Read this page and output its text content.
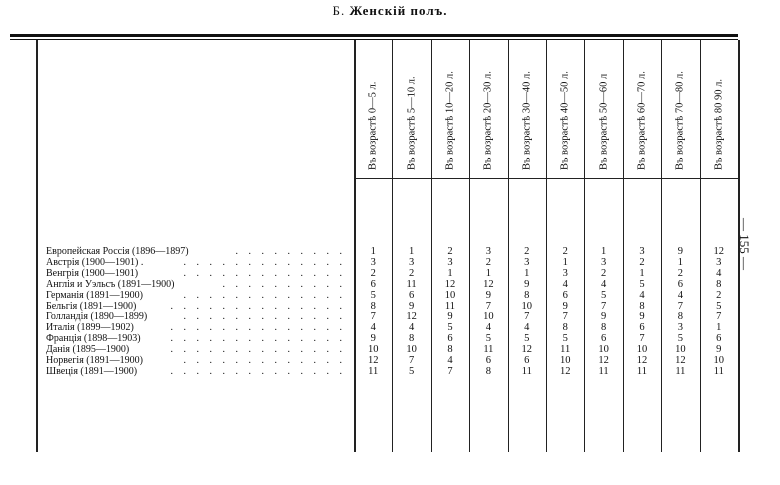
Б. Женскій полъ.
Въ возрастѣ 0—5 л.	Въ возрастѣ 5—10 л.	Въ возрастѣ 10—20 л.	Въ возрастѣ 20—30 л.	Въ возрастѣ 30—40 л.	Въ возрастѣ 40—50 л.	Въ возрастѣ 50—60 л	Въ возрастѣ 60—70 л.	Въ возрастѣ 70—80 л.	Въ возрастѣ 80 90 л.
Европейская Россія (1896—1897)	. . . . . . . . .	1	1	2	3	2	2	1	3	9	12
Австрія (1900—1901) .	. . . . . . . . . . . . .	3	3	3	2	3	1	3	2	1	3
Венгрія (1900—1901)	. . . . . . . . . . . . .	2	2	1	1	1	3	2	1	2	4
Англія и Уэльсъ (1891—1900)	. . . . . . . . . .	6	11	12	12	9	4	4	5	6	8
Германія (1891—1900)	. . . . . . . . . . . . .	5	6	10	9	8	6	5	4	4	2
Бельгія (1891—1900)	. . . . . . . . . . . . . .	8	9	11	7	10	9	7	8	7	5
Голландія (1890—1899)	. . . . . . . . . . . . .	7	12	9	10	7	7	9	9	8	7
Италія (1899—1902)	. . . . . . . . . . . . . .	4	4	5	4	4	8	8	6	3	1
Франція (1898—1903)	. . . . . . . . . . . . . .	9	8	6	5	5	5	6	7	5	6
Данія (1895—1900)	. . . . . . . . . . . . . .	10	10	8	11	12	11	10	10	10	9
Норвегія (1891—1900)	. . . . . . . . . . . . .	12	7	4	6	6	10	12	12	12	10
Швеція (1891—1900)	. . . . . . . . . . . . . .	11	5	7	8	11	12	11	11	11	11
— 155 —
